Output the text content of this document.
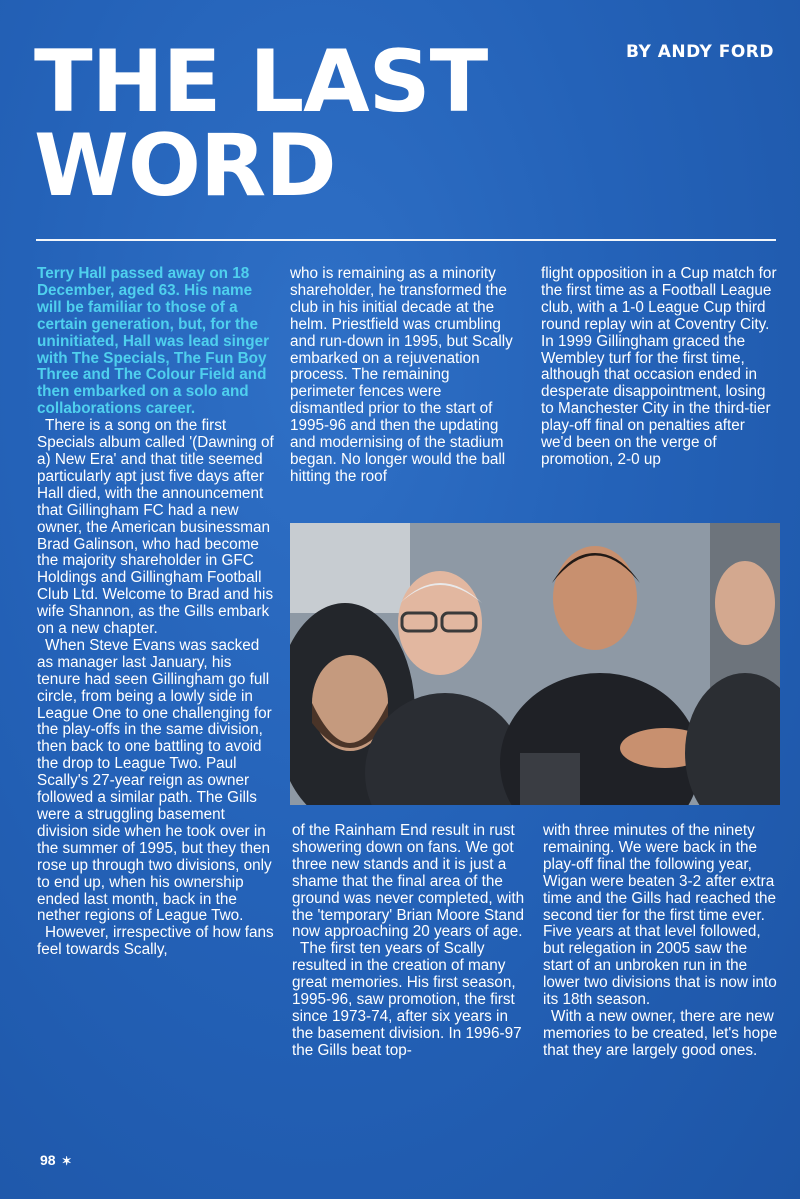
BY ANDY FORD
THE LAST
WORD

Terry Hall passed away on 18 December, aged 63. His name will be familiar to those of a certain generation, but, for the uninitiated, Hall was lead singer with The Specials, The Fun Boy Three and The Colour Field and then embarked on a solo and collaborations career.

There is a song on the first Specials album called '(Dawning of a) New Era' and that title seemed particularly apt just five days after Hall died, with the announcement that Gillingham FC had a new owner, the American businessman Brad Galinson, who had become the majority shareholder in GFC Holdings and Gillingham Football Club Ltd. Welcome to Brad and his wife Shannon, as the Gills embark on a new chapter.

When Steve Evans was sacked as manager last January, his tenure had seen Gillingham go full circle, from being a lowly side in League One to one challenging for the play-offs in the same division, then back to one battling to avoid the drop to League Two. Paul Scally's 27-year reign as owner followed a similar path. The Gills were a struggling basement division side when he took over in the summer of 1995, but they then rose up through two divisions, only to end up, when his ownership ended last month, back in the nether regions of League Two.

However, irrespective of how fans feel towards Scally,

who is remaining as a minority shareholder, he transformed the club in his initial decade at the helm. Priestfield was crumbling and run-down in 1995, but Scally embarked on a rejuvenation process. The remaining perimeter fences were dismantled prior to the start of 1995-96 and then the updating and modernising of the stadium began. No longer would the ball hitting the roof

flight opposition in a Cup match for the first time as a Football League club, with a 1-0 League Cup third round replay win at Coventry City. In 1999 Gillingham graced the Wembley turf for the first time, although that occasion ended in desperate disappointment, losing to Manchester City in the third-tier play-off final on penalties after we'd been on the verge of promotion, 2-0 up

of the Rainham End result in rust showering down on fans. We got three new stands and it is just a shame that the final area of the ground was never completed, with the 'temporary' Brian Moore Stand now approaching 20 years of age.

The first ten years of Scally resulted in the creation of many great memories. His first season, 1995-96, saw promotion, the first since 1973-74, after six years in the basement division. In 1996-97 the Gills beat top-

with three minutes of the ninety remaining. We were back in the play-off final the following year, Wigan were beaten 3-2 after extra time and the Gills had reached the second tier for the first time ever. Five years at that level followed, but relegation in 2005 saw the start of an unbroken run in the lower two divisions that is now into its 18th season.

With a new owner, there are new memories to be created, let's hope that they are largely good ones.

98 ✶
